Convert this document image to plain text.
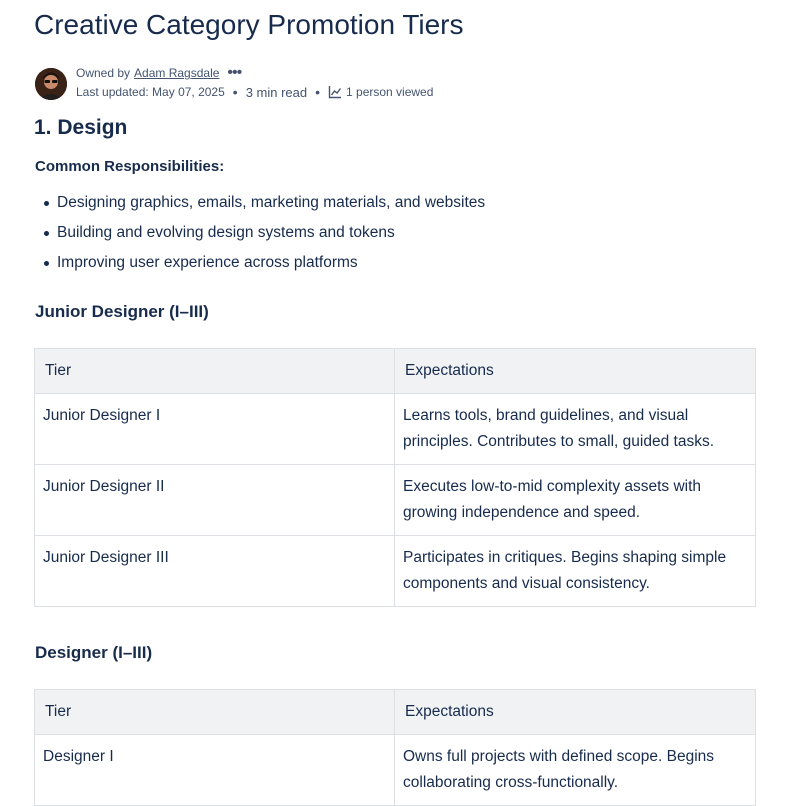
Creative Category Promotion Tiers
Owned by Adam Ragsdale •••
Last updated: May 07, 2025 • 3 min read • 1 person viewed
1. Design
Common Responsibilities:
Designing graphics, emails, marketing materials, and websites
Building and evolving design systems and tokens
Improving user experience across platforms
Junior Designer (I–III)
Tier	Expectations
Junior Designer I	Learns tools, brand guidelines, and visual principles. Contributes to small, guided tasks.
Junior Designer II	Executes low-to-mid complexity assets with growing independence and speed.
Junior Designer III	Participates in critiques. Begins shaping simple components and visual consistency.
Designer (I–III)
Tier	Expectations
Designer I	Owns full projects with defined scope. Begins collaborating cross-functionally.
